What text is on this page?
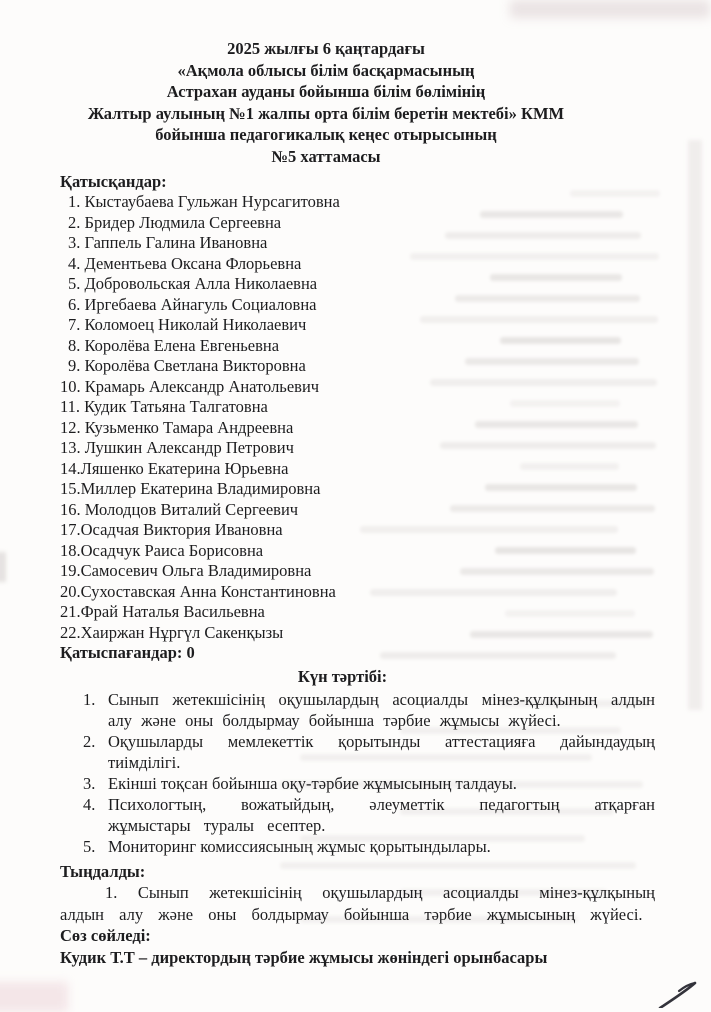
2025 жылғы 6 қаңтардағы
«Ақмола облысы білім басқармасының
Астрахан ауданы бойынша білім бөлімінің
Жалтыр аулының №1 жалпы орта білім беретін мектебі» КММ
бойынша педагогикалық кеңес отырысының
№5 хаттамасы
Қатысқандар:
1. Кыстаубаева Гульжан Нурсагитовна
2. Бридер Людмила Сергеевна
3. Гаппель Галина Ивановна
4. Дементьева Оксана Флорьевна
5. Добровольская Алла Николаевна
6. Иргебаева Айнагуль Социаловна
7. Коломоец Николай Николаевич
8. Королёва Елена Евгеньевна
9. Королёва Светлана Викторовна
10. Крамарь Александр Анатольевич
11. Кудик Татьяна Талгатовна
12. Кузьменко Тамара Андреевна
13. Лушкин Александр Петрович
14.Ляшенко Екатерина Юрьевна
15.Миллер Екатерина Владимировна
16. Молодцов Виталий Сергеевич
17.Осадчая Виктория Ивановна
18.Осадчук Раиса Борисовна
19.Самосевич Ольга Владимировна
20.Сухоставская Анна Константиновна
21.Фрай Наталья Васильевна
22.Хаиржан Нұргүл Сакенқызы
Қатыспағандар: 0
Күн тәртібі:
1. Сынып жетекшісінің оқушылардың асоциалды мінез-құлқының алдын алу және оны болдырмау бойынша тәрбие жұмысы жүйесі.
2. Оқушыларды мемлекеттік қорытынды аттестацияға дайындаудың тиімділігі.
3. Екінші тоқсан бойынша оқу-тәрбие жұмысының талдауы.
4. Психологтың, вожатыйдың, әлеуметтік педагогтың атқарған жұмыстары туралы есептер.
5. Мониторинг комиссиясының жұмыс қорытындылары.
Тыңдалды:
1. Сынып жетекшісінің оқушылардың асоциалды мінез-құлқының алдын алу және оны болдырмау бойынша тәрбие жұмысының жүйесі.
Сөз сөйледі:
Кудик Т.Т – директордың тәрбие жұмысы жөніндегі орынбасары
